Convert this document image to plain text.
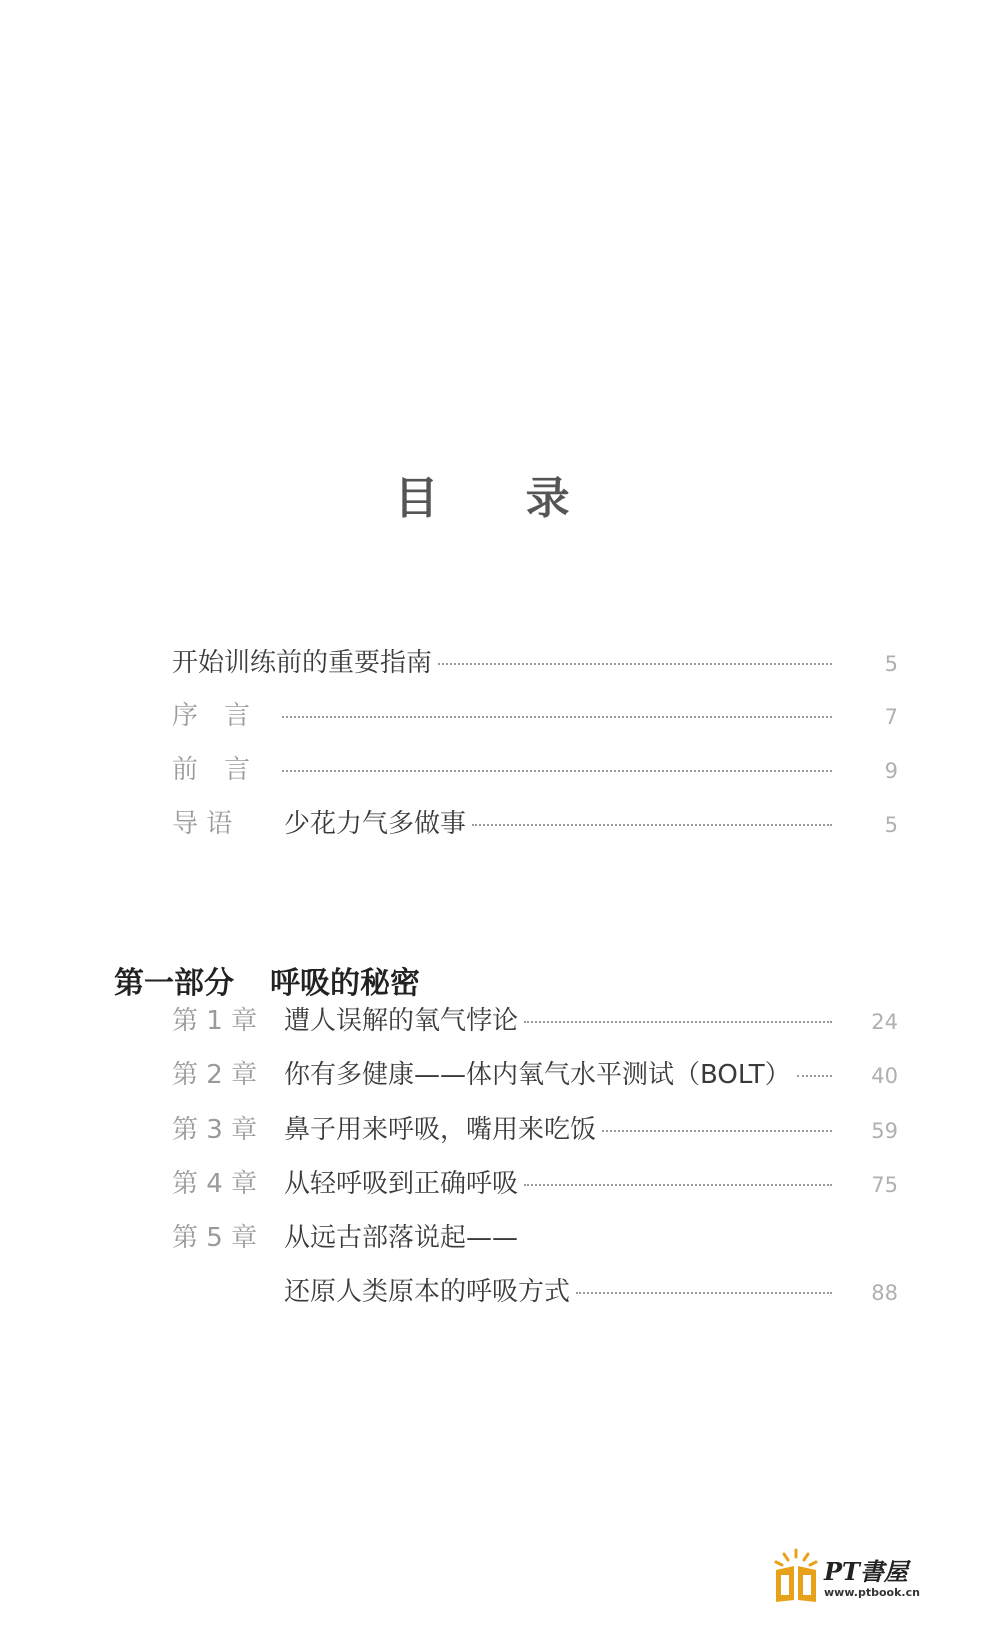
目 录
开始训练前的重要指南	5
序言	7
前言	9
导 语	少花力气多做事	5
第一部分 呼吸的秘密
第 1 章	遭人误解的氧气悖论	24
第 2 章	你有多健康——体内氧气水平测试（BOLT）	40
第 3 章	鼻子用来呼吸，嘴用来吃饭	59
第 4 章	从轻呼吸到正确呼吸	75
第 5 章	从远古部落说起——
还原人类原本的呼吸方式	88
PT書屋
www.ptbook.cn
